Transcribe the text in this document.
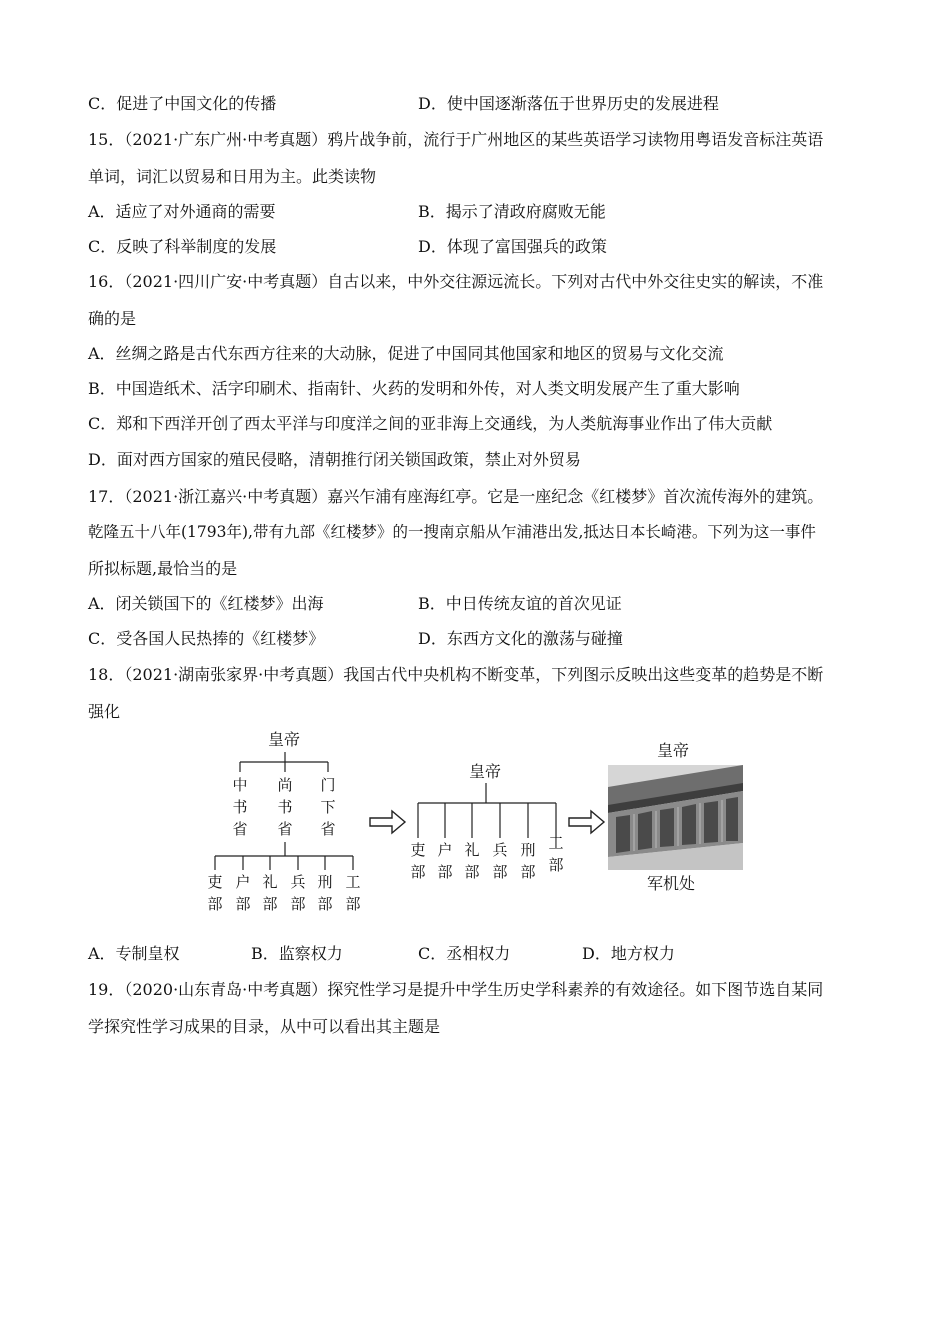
C．促进了中国文化的传播	D．使中国逐渐落伍于世界历史的发展进程
15．（2021·广东广州·中考真题）鸦片战争前，流行于广州地区的某些英语学习读物用粤语发音标注英语
单词，词汇以贸易和日用为主。此类读物
A．适应了对外通商的需要	B．揭示了清政府腐败无能
C．反映了科举制度的发展	D．体现了富国强兵的政策
16．（2021·四川广安·中考真题）自古以来，中外交往源远流长。下列对古代中外交往史实的解读，不准
确的是
A．丝绸之路是古代东西方往来的大动脉，促进了中国同其他国家和地区的贸易与文化交流
B．中国造纸术、活字印刷术、指南针、火药的发明和外传，对人类文明发展产生了重大影响
C．郑和下西洋开创了西太平洋与印度洋之间的亚非海上交通线，为人类航海事业作出了伟大贡献
D．面对西方国家的殖民侵略，清朝推行闭关锁国政策，禁止对外贸易
17．（2021·浙江嘉兴·中考真题）嘉兴乍浦有座海红亭。它是一座纪念《红楼梦》首次流传海外的建筑。
乾隆五十八年(1793年),带有九部《红楼梦》的一搜南京船从乍浦港出发,抵达日本长崎港。下列为这一事件
所拟标题,最恰当的是
A．闭关锁国下的《红楼梦》出海	B．中日传统友谊的首次见证
C．受各国人民热捧的《红楼梦》	D．东西方文化的激荡与碰撞
18．（2021·湖南张家界·中考真题）我国古代中央机构不断变革，下列图示反映出这些变革的趋势是不断
强化
皇帝
中书省
尚书省
门下省
吏部
户部
礼部
兵部
刑部
工部
皇帝
吏部
户部
礼部
兵部
刑部
工部
皇帝
军机处
A．专制皇权	B．监察权力	C．丞相权力	D．地方权力
19．（2020·山东青岛·中考真题）探究性学习是提升中学生历史学科素养的有效途径。如下图节选自某同
学探究性学习成果的目录，从中可以看出其主题是
